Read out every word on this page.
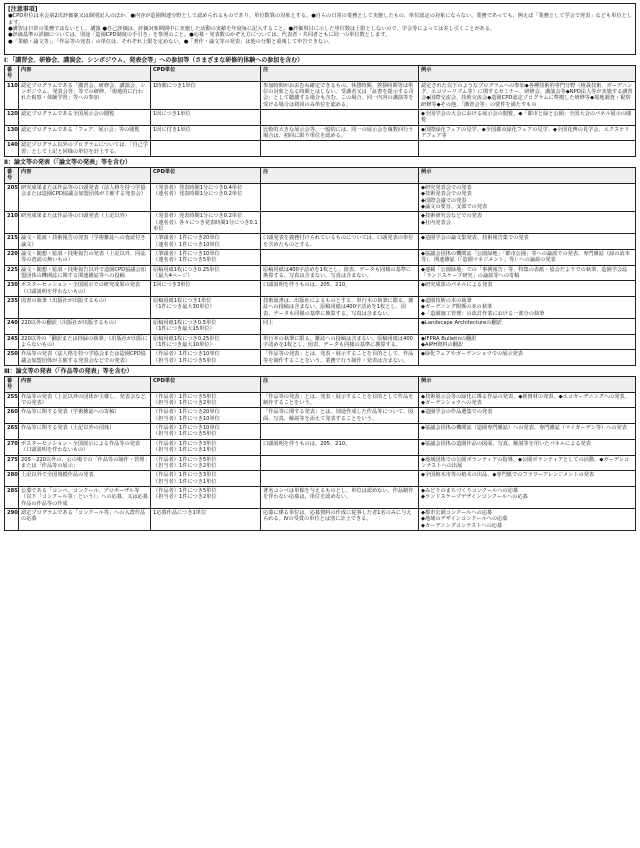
[注意事項]

●CPD単位は本会第2次評価案又は個別記入のほか、●内容が造園関連分野として認められるものであり、単位数算の対象とする。●自らの日常の業務として実施したもの、単位認定の対象にならない。業務であっても、例えば「業務として学会で発表」なども単位とします。

●講習は日常の業務ではないとし、講演 ●自己評価は、評価対象期間中に実施した活動の実績を年度毎に記入すること。●評価項目に示した単位数は上限としないので、学会等によっては差し引くことがある。

●評価基準の詳細については、別途「造園CPD制度の手引き」を参照のこと。●応募・発表数のかぞえ方については、代表者・共同者ともに同一の単位数とします。

●「業績・論文等」、「作品等の発表」の単位は、それぞれ上限を定めない。●「著作・論文等の発表」は他の分類と重複して申告できない。

Ⅰ：「講習会、研修会、講演会、シンポジウム、発表会等」への参加等（さまざまな研修的体験への参加を含む）
番号	内容	CPD単位	注	例示
110	認定プログラムである「講習会、研修会、講演会、シンポジウム、発表会等」等での研修、「現地的に行われた視察・体験学習」等への参加	1時間につき1単位	参加時間がおおむね確定できるもの。休憩時間、挨拶時間等は単位の対象となる時間とはしない。受講者又は「証書を提示する司会」として聴講する場合も含む。この場合、同一内容の講演等を受ける場合は初回のみ単位を認める。	認定された以下のようなプログラムへの参加◆各種技術的専門分野（植栽技術、ガーデニング、エコツーリズム等）に関するセミナー、研修会、講演会等◆NPO法人等が実施する講習会◆国際交流会、技術交流会◆造園CPD認定プログラムに準拠した研修等◆現地調査・視察研修等◆その他、「講習会等」の要件を満たすもの
120	認定プログラムである全国展示会の閲覧	1回につき1単位		◆全国学会の大会における展示会の閲覧、◆「都市と緑と公園」全国大会のパネル展示の閲覧
130	認定プログラムである「フェア、展示会」等の閲覧	1回に付き1単位	比較的大きな展示会等。一般的には、同一の展示会を複数回行う場合は、初回に限り単位を認める。	◆国際緑化フェアの見学、◆全国都市緑化フェアの見学、◆全国花博の見学会、エクステリアフェア等
140	認定プログラム以外のプログラムについては、「自己学習」として上記と同様の単位を計上する。			
Ⅱ：論文等の発表（「論文等の発表」等を含む）
番号	内容	CPD単位	注	例示
205	研究成果または作品等の口頭発表（法人格を持つ学協会または造園CPD協議会加盟団体が主催する発表会）	（発表者）発表時間1分につき0.4単位
（連名者）発表時間1分につき0.2単位		◆研究発表会での発表
◆技術発表会での発表
◆国際会議での発表
◆論文の要旨、支部での発表
210	研究成果または作品等の口頭発表（上記以外）	（発表者）発表時間1分につき0.2単位
（連名者）各々につき発表時間1分につき0.1単位		◆技術研究会などでの発表
◆社内発表会
215	論文・総説・技術報告の発表（学術雑誌への査読付き論文）	（筆頭者）1件につき20単位
（連名者）1件につき10単位	口頭発表を義務付けられているものについては、口頭発表の単位を含めたものとする。	◆造園学会の論文集発表、技術報告集での発表
220	論文・随想・総説・技術報告の発表（上記以外、同誌等の査読の無いもの）	（筆頭者）1件につき10単位
（連名者）1件につき5単位		◆協議会団体の機関誌「公園緑地」「都市公園」等への論説での発表、専門雑誌（緑の読本等）、関連雑誌（「造園マネジメント」等）への論説の発表
225	論文・随想・総説・技術報告以外で造園CPD協議会加盟団体の機関誌に関する関連雑誌等への投稿	原稿用紙1枚につき0.25単位
（最大4ページ）	原稿用紙は400字詰めを1枚とし、図表、データも同様の基準に換算する。写真は含まない。写真は含まない。	◆連載「公園緑地」での「事例報告」等、特集の表紙・協会だよりでの執筆、造園学会誌「ランドスケープ研究」の論説等への寄稿
230	ポスターセッション・全国展示での研究成果の発表（口頭説明を伴わないもの）	1回につき3単位	口頭説明を伴うものは、205、210。	◆研究成果のパネルによる発表
235	図書の執筆（出版社が出版するもの）	原稿用紙1枚につき1単位
（1件につき最大30単位）	技術図書は、出版社によるものとする。単行本の執筆に限る。雑誌への投稿は含まない。原稿用紙は400字詰めを1枚とし、図表、データも同様の基準に換算する。写真は含まない。	◆造園技術の本の執筆
◆ガーデニング関係の本の執筆
◆「造園施工管理」の改訂作業における一部分の執筆
240	220以外の翻訳（出版社が出版するもの）	原稿用紙1枚につき0.5単位
（1件につき最大15単位）	同上	◆Landscape Architectureの翻訳
245	220以外の「翻訳または抄録の執筆」（出版社が出版によらないもの）	原稿用紙1枚につき0.25単位
（1件につき最大10単位）	単行本の執筆に限る。雑誌への投稿は含まない。原稿用紙は400字詰めを1枚とし、図表、データも同様の基準に換算する。	◆IFPRA Bulletinの翻訳
◆AIPH資料の翻訳
250	作品等の発表（法人格を持つ学協会または造園CPD協議会加盟団体が主催する発表会などでの発表）	（作品者）1件につき10単位
（担当者）1件につき5単位	「作品等の発表」とは、発表・展示することを目的として、作品等を制作することをいう。業務で行う制作・発表は含まない。	◆緑化フェアやガーデンショウでの展示発表
Ⅲ：論文等の発表（「作品等の発表」等を含む）
番号	内容	CPD単位	注	例示
255	作品等の発表（上記以外の団体が主催し、発表会などでの発表）	（作品者）1件につき5単位
（担当者）1件につき2単位	「作品等の発表」とは、発表・展示することを目的として作品を制作することをいう。	◆技術展示会等の緑化に係る作品の発表、◆新資材の発表、◆エコガーデニングへの発表、◆ガーデンショウへの発表
260	作品等に関する発表（学術雑誌への寄稿）	（作品者）1件につき20単位
（担当者）1件につき10単位	「作品等に関する発表」とは、別途作成した作品等について、図面、写真、解説等を添えて発表することをいう。	◆造園学会の作品選集での発表
265	作品等に関する発表（上記以外の団体）	（作品者）1件につき10単位
（担当者）1件につき5単位		◆協議会団体の機関誌（造園専門雑誌）への発表、専門雑誌（マイガーデン等）への発表
270	ポスターセッション・全国展示による作品等の発表（口頭説明を伴わないもの）	（作品者）1件につき3単位
（担当者）1件につき1単位	口頭説明を伴うものは、205、210。	◆協議会団体の造園作品の図面、写真、解説等を用いたパネルによる発表
275	205～220以外の、公の場での「作品等の制作・管理」または「作品等の展示」	（作品者）1件につき5単位
（担当者）1件につき2単位		◆地域団体での公園ボランティアの指導、◆公園ボランティアとしての活動、◆ガーデンコンテストへの出展
280	上記以外で全国規模作品の発表	（作品者）1件につき3単位
（担当者）1件につき1単位		◆全国植木市等の植木の出品、◆専門紙でのフラワーアレンジメントの発表
285	公募である「コンペ、コンクール、プロポーザル等（以下「コンクール等」という）」への応募、又は応募作品の作品等の作成	（作品者）1件につき5単位
（担当者）1件につき2単位	著名コンペは単独を与えるものとし、単位は認めない。作品制作を伴わない応募は、単位を認めない。	◆みどりのまちづくりコンクールへの応募
◆ランドスケープデザインコンクールへの応募
290	認定プログラムである「コンクール等」への入賞作品の応募	1応募作品につき1単位	応募に係る単位は、応募資料の作成に従事した者1名のみに与えられる。Ⅳの受賞の単位とは別に計上できる。	◆都市公園コンクールへの応募
◆地域のデザインコンクールへの応募
◆ガーデニングコンテストへの応募
